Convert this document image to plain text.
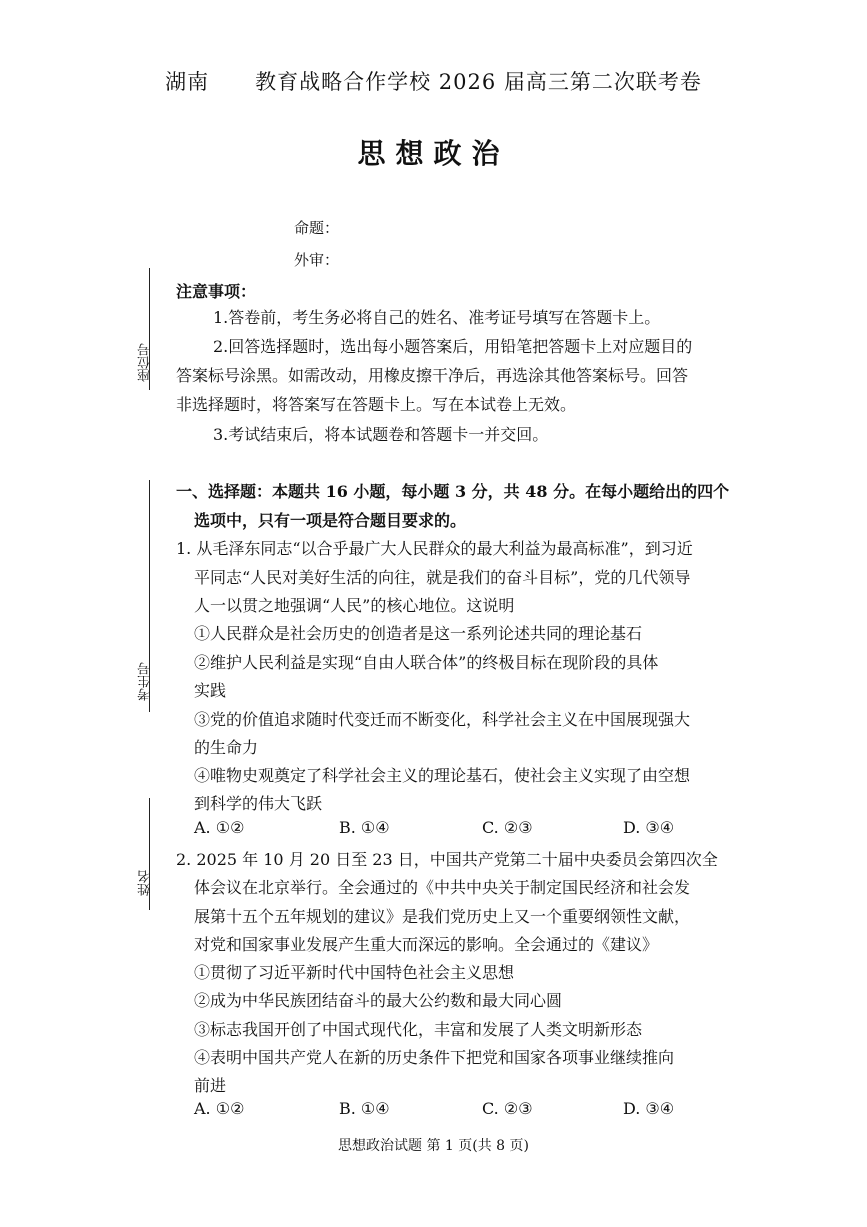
湖南 教育战略合作学校 2026 届高三第二次联考卷
思想政治
命题：
外审：
座位号
考生号
姓名
注意事项：
1.答卷前，考生务必将自己的姓名、准考证号填写在答题卡上。
2.回答选择题时，选出每小题答案后，用铅笔把答题卡上对应题目的
答案标号涂黑。如需改动，用橡皮擦干净后，再选涂其他答案标号。回答
非选择题时，将答案写在答题卡上。写在本试卷上无效。
3.考试结束后，将本试题卷和答题卡一并交回。
一、选择题：本题共 16 小题，每小题 3 分，共 48 分。在每小题给出的四个
选项中，只有一项是符合题目要求的。
1. 从毛泽东同志“以合乎最广大人民群众的最大利益为最高标准”，到习近
平同志“人民对美好生活的向往，就是我们的奋斗目标”，党的几代领导
人一以贯之地强调“人民”的核心地位。这说明
①人民群众是社会历史的创造者是这一系列论述共同的理论基石
②维护人民利益是实现“自由人联合体”的终极目标在现阶段的具体
实践
③党的价值追求随时代变迁而不断变化，科学社会主义在中国展现强大
的生命力
④唯物史观奠定了科学社会主义的理论基石，使社会主义实现了由空想
到科学的伟大飞跃
A. ①②	B. ①④	C. ②③	D. ③④
2. 2025 年 10 月 20 日至 23 日，中国共产党第二十届中央委员会第四次全
体会议在北京举行。全会通过的《中共中央关于制定国民经济和社会发
展第十五个五年规划的建议》是我们党历史上又一个重要纲领性文献，
对党和国家事业发展产生重大而深远的影响。全会通过的《建议》
①贯彻了习近平新时代中国特色社会主义思想
②成为中华民族团结奋斗的最大公约数和最大同心圆
③标志我国开创了中国式现代化，丰富和发展了人类文明新形态
④表明中国共产党人在新的历史条件下把党和国家各项事业继续推向
前进
A. ①②	B. ①④	C. ②③	D. ③④
思想政治试题 第 1 页(共 8 页)
